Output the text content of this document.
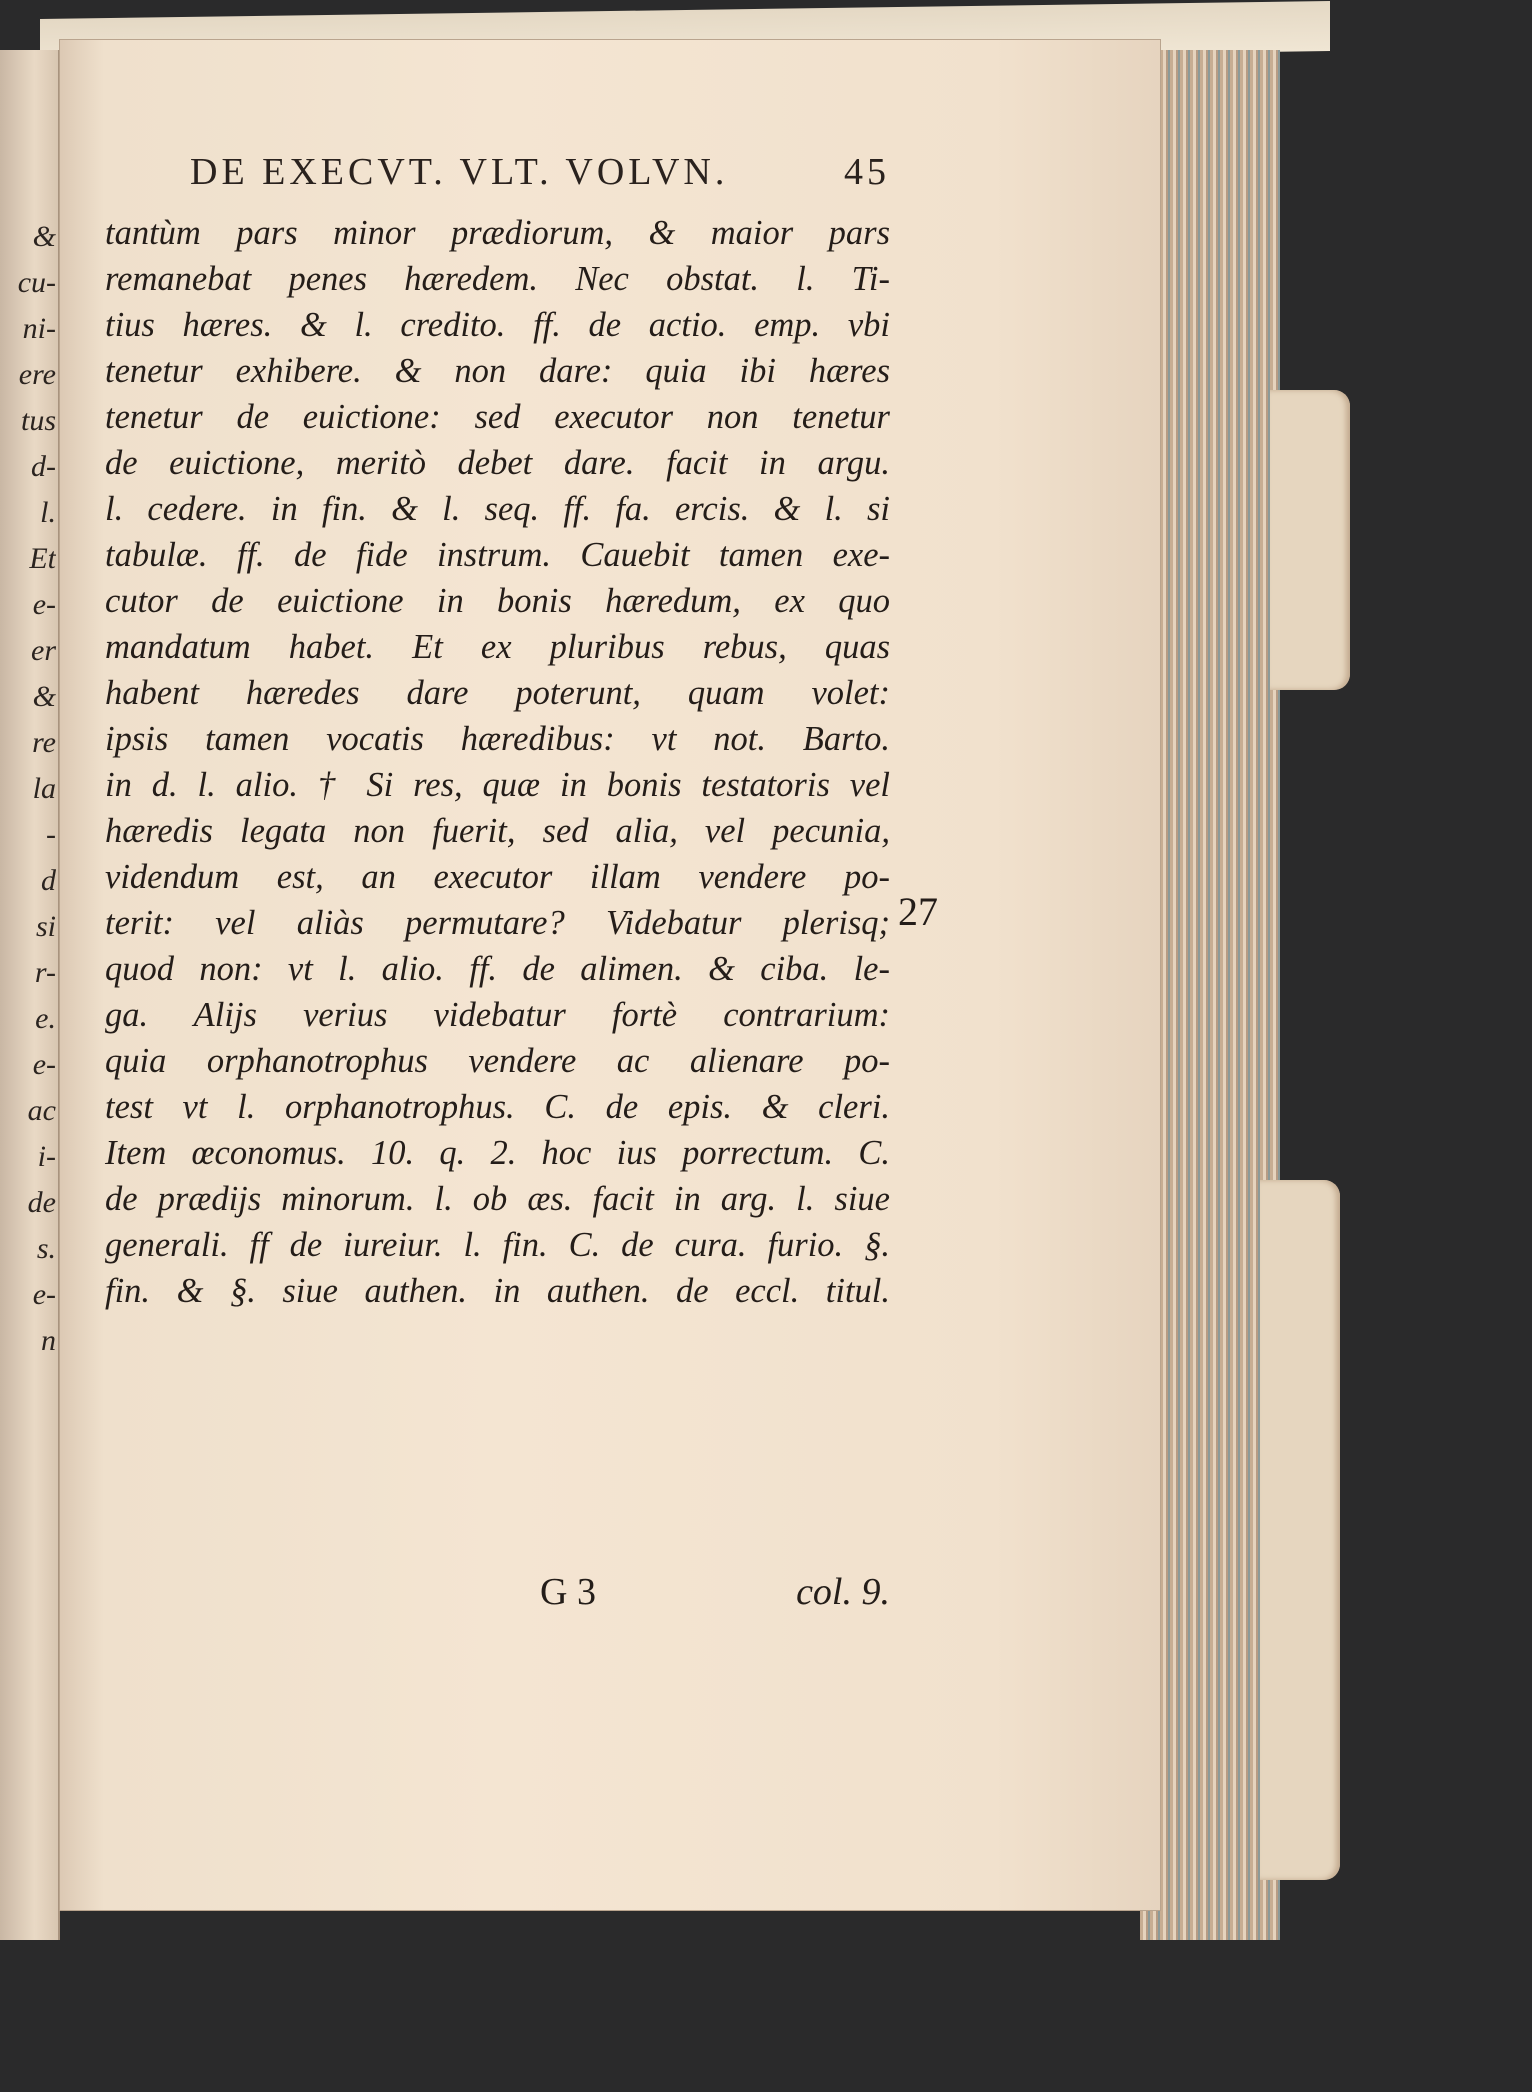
&
cu-
ni-
ere
tus
d-
l.
Et
e-
er
&
re
la
-
d
si
r-
e.
e-
ac
i-
de
s.
e-
n
DE EXECVT. VLT. VOLVN.	45
tantùm pars minor prædiorum, & maior pars
remanebat penes hæredem. Nec obstat. l. Ti-
tius hæres. & l. credito. ff. de actio. emp. vbi
tenetur exhibere. & non dare: quia ibi hæres
tenetur de euictione: sed executor non tenetur
de euictione, meritò debet dare. facit in argu.
l. cedere. in fin. & l. seq. ff. fa. ercis. & l. si
tabulæ. ff. de fide instrum. Cauebit tamen exe-
cutor de euictione in bonis hæredum, ex quo
mandatum habet. Et ex pluribus rebus, quas
habent hæredes dare poterunt, quam volet:
ipsis tamen vocatis hæredibus: vt not. Barto.
in d. l. alio. † Si res, quæ in bonis testatoris vel
hæredis legata non fuerit, sed alia, vel pecunia,
videndum est, an executor illam vendere po-
terit: vel aliàs permutare? Videbatur plerisq;
quod non: vt l. alio. ff. de alimen. & ciba. le-
ga. Alijs verius videbatur fortè contrarium:
quia orphanotrophus vendere ac alienare po-
test vt l. orphanotrophus. C. de epis. & cleri.
Item œconomus. 10. q. 2. hoc ius porrectum. C.
de prædijs minorum. l. ob æs. facit in arg. l. siue
generali. ff de iureiur. l. fin. C. de cura. furio. §.
fin. & §. siue authen. in authen. de eccl. titul.
27
G 3	col. 9.
